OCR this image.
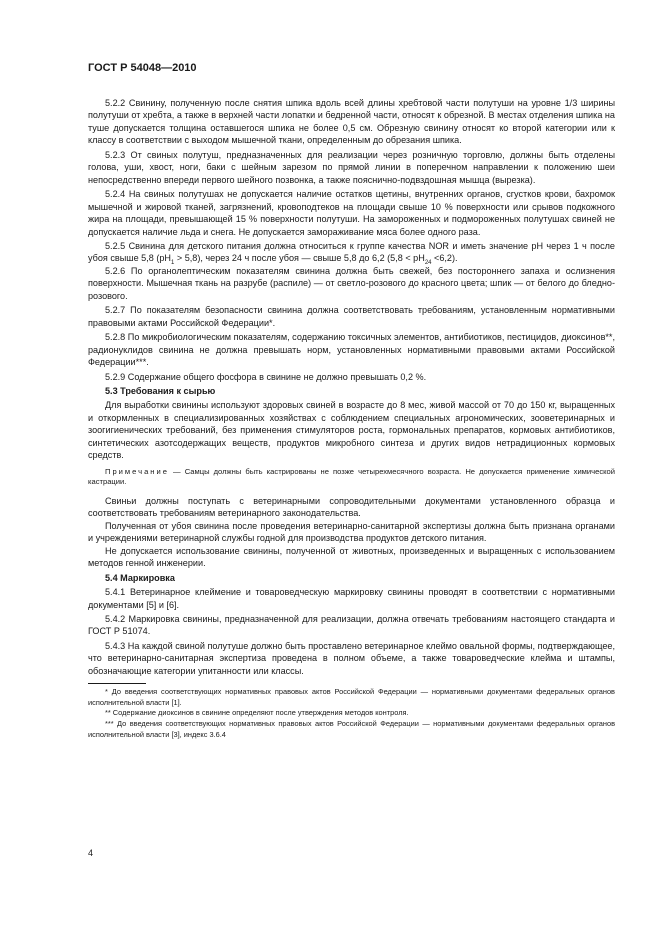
ГОСТ Р 54048—2010

5.2.2 Свинину, полученную после снятия шпика вдоль всей длины хребтовой части полутуши на уровне 1/3 ширины полутуши от хребта, а также в верхней части лопатки и бедренной части, относят к обрезной. В местах отделения шпика на туше допускается толщина оставшегося шпика не более 0,5 см. Обрезную свинину относят ко второй категории или к классу в соответствии с выходом мышечной ткани, определенным до обрезания шпика.

5.2.3 От свиных полутуш, предназначенных для реализации через розничную торговлю, должны быть отделены голова, уши, хвост, ноги, баки с шейным зарезом по прямой линии в поперечном направлении к положению шеи непосредственно впереди первого шейного позвонка, а также пояснично-подвздошная мышца (вырезка).

5.2.4 На свиных полутушах не допускается наличие остатков щетины, внутренних органов, сгустков крови, бахромок мышечной и жировой тканей, загрязнений, кровоподтеков на площади свыше 10 % поверхности или срывов подкожного жира на площади, превышающей 15 % поверхности полутуши. На замороженных и подмороженных полутушах свиней не допускается наличие льда и снега. Не допускается замораживание мяса более одного раза.

5.2.5 Свинина для детского питания должна относиться к группе качества NOR и иметь значение pH через 1 ч после убоя свыше 5,8 $(pH_1 > 5,8)$, через 24 ч после убоя — свыше 5,8 до 6,2 $(5,8 < pH_{24} <6,2)$.

5.2.6 По органолептическим показателям свинина должна быть свежей, без постороннего запаха и ослизнения поверхности. Мышечная ткань на разрубе (распиле) — от светло-розового до красного цвета; шпик — от белого до бледно-розового.

5.2.7 По показателям безопасности свинина должна соответствовать требованиям, установленным нормативными правовыми актами Российской Федерации*.

5.2.8 По микробиологическим показателям, содержанию токсичных элементов, антибиотиков, пестицидов, диоксинов**, радионуклидов свинина не должна превышать норм, установленных нормативными правовыми актами Российской Федерации***.

5.2.9 Содержание общего фосфора в свинине не должно превышать 0,2 %.

5.3 Требования к сырью

Для выработки свинины используют здоровых свиней в возрасте до 8 мес, живой массой от 70 до 150 кг, выращенных и откормленных в специализированных хозяйствах с соблюдением специальных агрономических, зооветеринарных и зоогигиенических требований, без применения стимуляторов роста, гормональных препаратов, кормовых антибиотиков, синтетических азотсодержащих веществ, продуктов микробного синтеза и других видов нетрадиционных кормовых средств.

Примечание — Самцы должны быть кастрированы не позже четырехмесячного возраста. Не допускается применение химической кастрации.

Свиньи должны поступать с ветеринарными сопроводительными документами установленного образца и соответствовать требованиям ветеринарного законодательства.

Полученная от убоя свинина после проведения ветеринарно-санитарной экспертизы должна быть признана органами и учреждениями ветеринарной службы годной для производства продуктов детского питания.

Не допускается использование свинины, полученной от животных, произведенных и выращенных с использованием методов генной инженерии.

5.4 Маркировка

5.4.1 Ветеринарное клеймение и товароведческую маркировку свинины проводят в соответствии с нормативными документами [5] и [6].

5.4.2 Маркировка свинины, предназначенной для реализации, должна отвечать требованиям настоящего стандарта и ГОСТ Р 51074.

5.4.3 На каждой свиной полутуше должно быть проставлено ветеринарное клеймо овальной формы, подтверждающее, что ветеринарно-санитарная экспертиза проведена в полном объеме, а также товароведческие клейма и штампы, обозначающие категории упитанности или классы.

* До введения соответствующих нормативных правовых актов Российской Федерации — нормативными документами федеральных органов исполнительной власти [1].

** Содержание диоксинов в свинине определяют после утверждения методов контроля.

*** До введения соответствующих нормативных правовых актов Российской Федерации — нормативными документами федеральных органов исполнительной власти [3], индекс 3.6.4

4
